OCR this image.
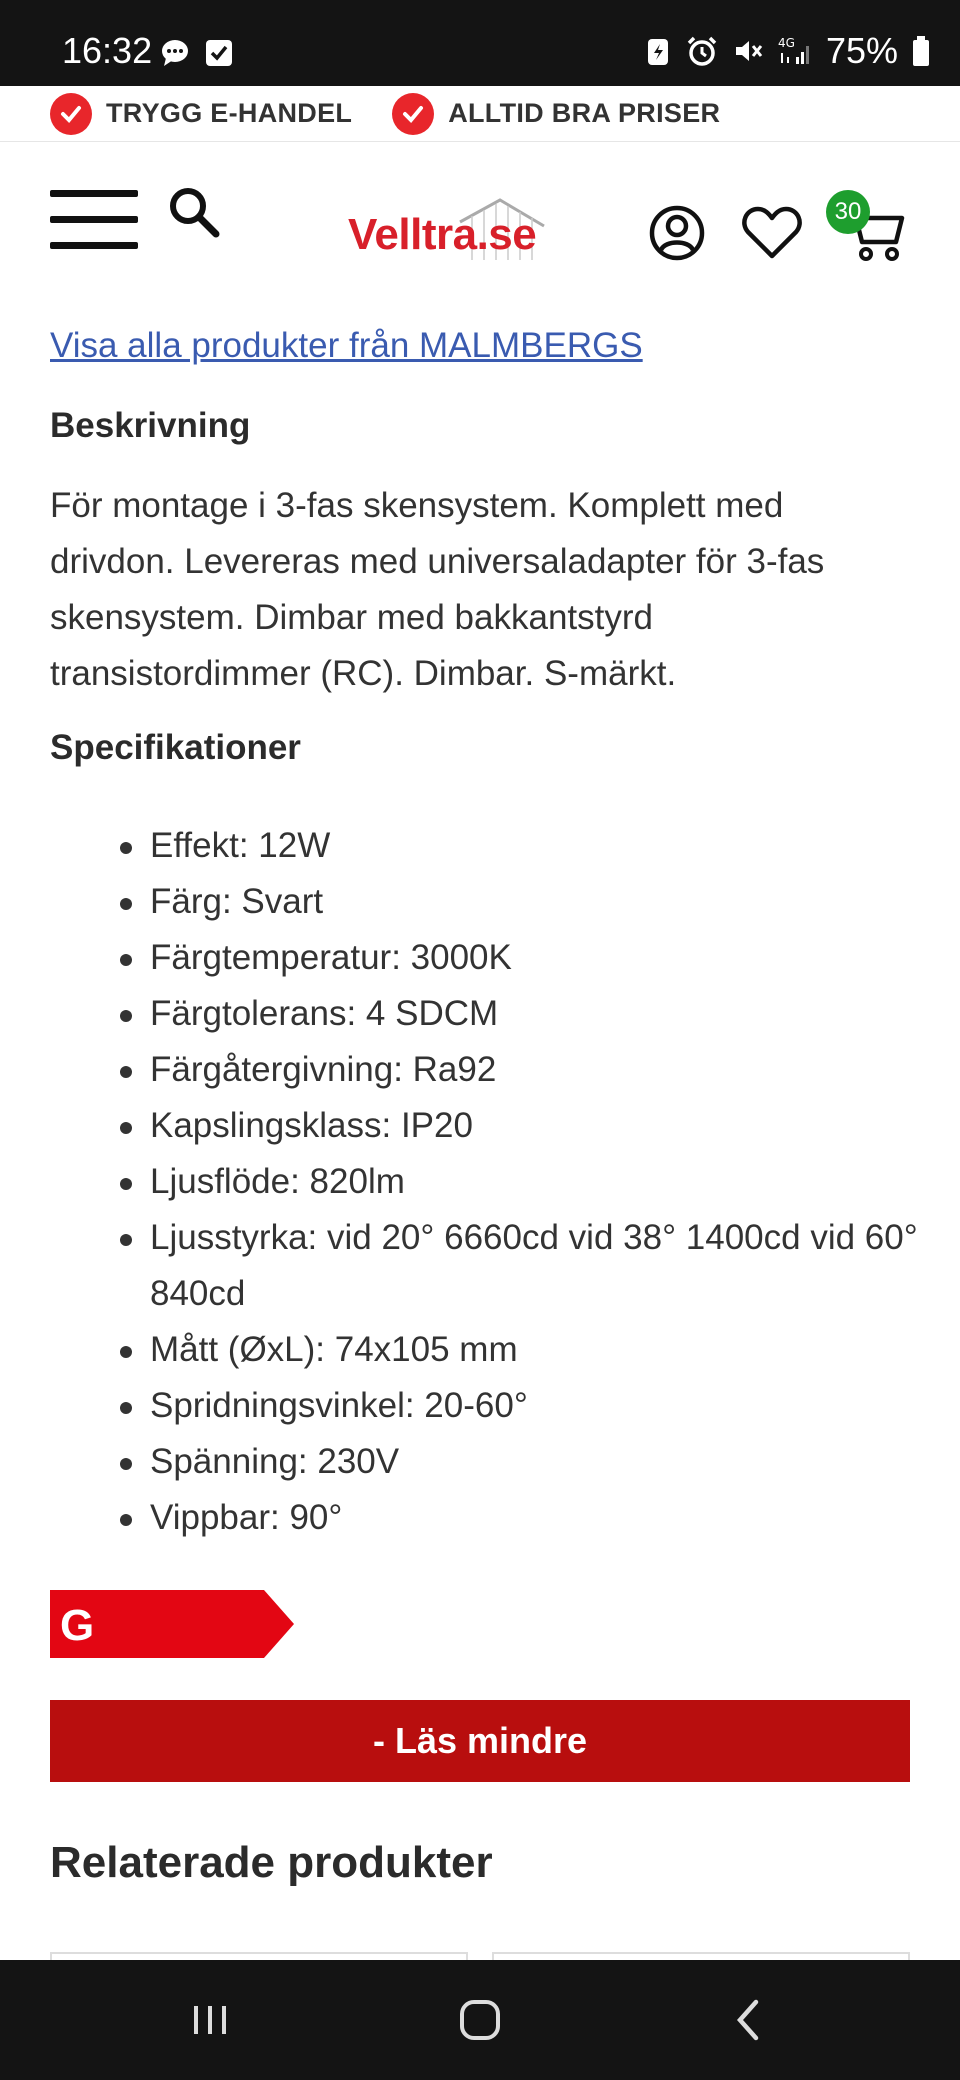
16:32	4G 75%
TRYGG E-HANDEL	ALLTID BRA PRISER
Velltra.se	30
Visa alla produkter från MALMBERGS
Beskrivning

För montage i 3-fas skensystem. Komplett med drivdon. Levereras med universaladapter för 3-fas skensystem. Dimbar med bakkantstyrd transistordimmer (RC). Dimbar. S-märkt.

Specifikationer
Effekt: 12W
Färg: Svart
Färgtemperatur: 3000K
Färgtolerans: 4 SDCM
Färgåtergivning: Ra92
Kapslingsklass: IP20
Ljusflöde: 820lm
Ljusstyrka: vid 20° 6660cd vid 38° 1400cd vid 60° 840cd
Mått (ØxL): 74x105 mm
Spridningsvinkel: 20-60°
Spänning: 230V
Vippbar: 90°
G
- Läs mindre
Relaterade produkter
